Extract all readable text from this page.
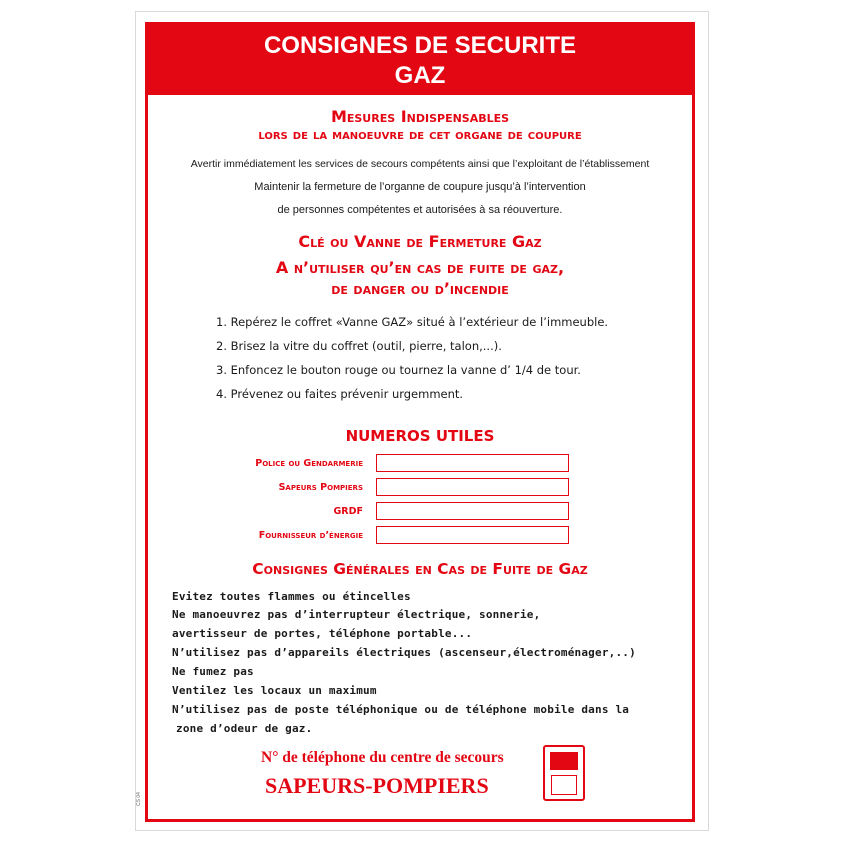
CS 04
CONSIGNES DE SECURITE
GAZ
Mesures Indispensables
lors de la manoeuvre de cet organe de coupure
Avertir immédiatement les services de secours compétents ainsi que l’exploitant de l’établissement
Maintenir la fermeture de l’organne de coupure jusqu’à l’intervention
de personnes compétentes et autorisées à sa réouverture.
Clé ou Vanne de Fermeture Gaz
A n’utiliser qu’en cas de fuite de gaz,
de danger ou d’incendie
1. Repérez le coffret «Vanne GAZ» situé à l’extérieur de l’immeuble.
2. Brisez la vitre du coffret (outil, pierre, talon,...).
3. Enfoncez le bouton rouge ou tournez la vanne d’ 1/4 de tour.
4. Prévenez ou faites prévenir urgemment.
NUMEROS UTILES
Police ou Gendarmerie
Sapeurs Pompiers
GRDF
Fournisseur d’énergie
Consignes Générales en Cas de Fuite de Gaz
Evitez toutes flammes ou étincelles
Ne manoeuvrez pas d’interrupteur électrique, sonnerie,
avertisseur de portes, téléphone portable...
N’utilisez pas d’appareils électriques (ascenseur,électroménager,..)
Ne fumez pas
Ventilez les locaux un maximum
N’utilisez pas de poste téléphonique ou de téléphone mobile dans la
zone d’odeur de gaz.
N° de téléphone du centre de secours
SAPEURS-POMPIERS
